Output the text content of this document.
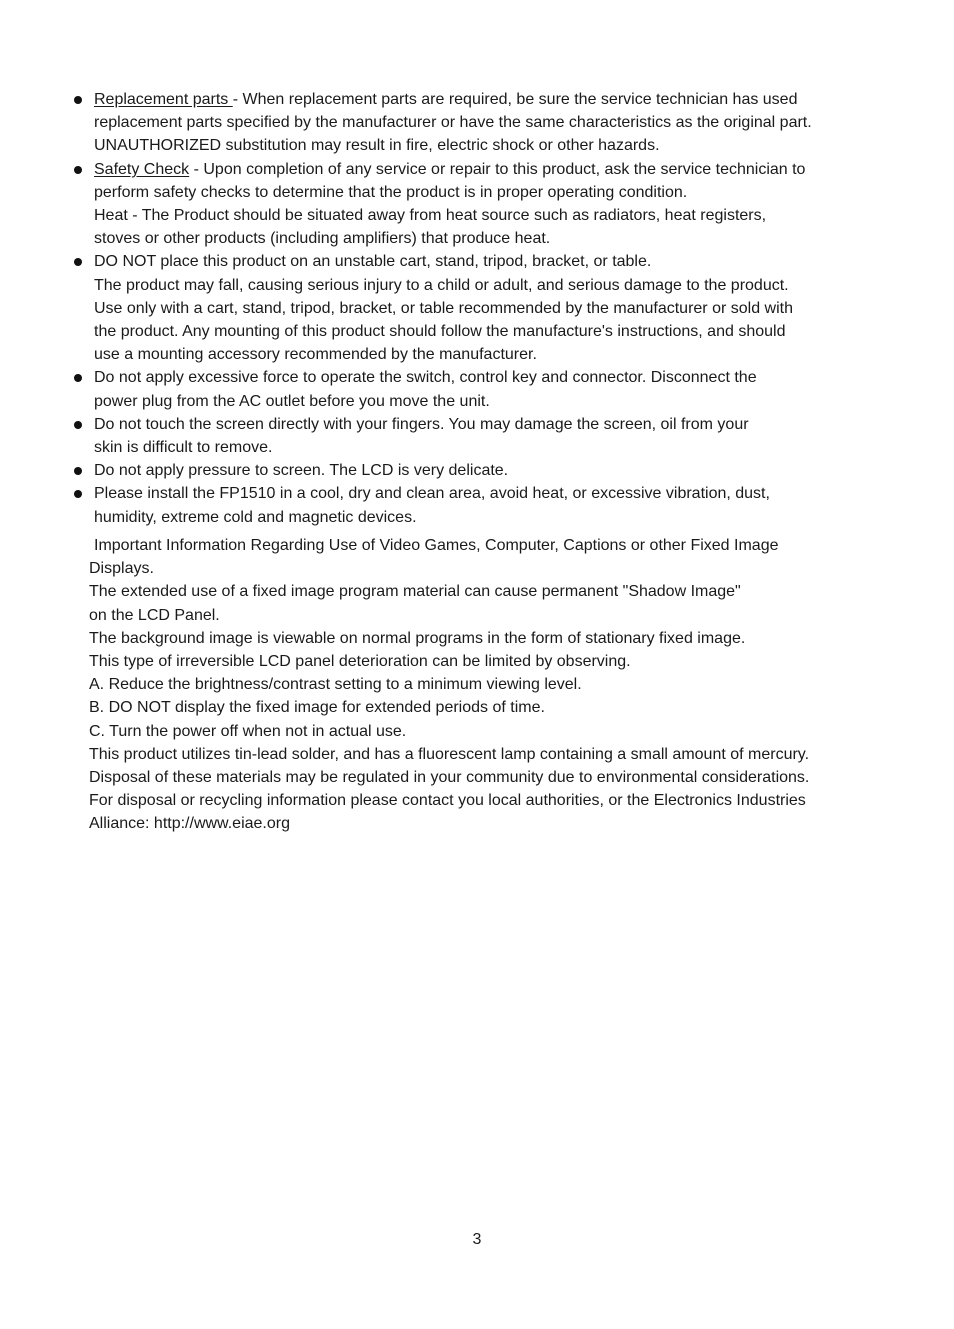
Replacement parts - When replacement parts are required, be sure the service technician has used
replacement parts specified by the manufacturer or have the same characteristics as the original part.
UNAUTHORIZED substitution may result in fire, electric shock or other hazards.
Safety Check - Upon completion of any service or repair to this product, ask the service technician to
perform safety checks to determine that the product is in proper operating condition.
Heat - The Product should be situated away from heat source such as radiators, heat registers,
stoves or other products (including amplifiers) that produce heat.
DO NOT place this product on an unstable cart, stand, tripod, bracket, or table.
The product may fall, causing serious injury to a child or adult, and serious damage to the product.
Use only with a cart, stand, tripod, bracket, or table recommended by the manufacturer or sold with
the product. Any mounting of this product should follow the manufacture's instructions, and should
use a mounting accessory recommended by the manufacturer.
Do not apply excessive force to operate the switch, control key and connector. Disconnect the
power plug from the AC outlet before you move the unit.
Do not touch the screen directly with your fingers. You may damage the screen, oil from your
skin is difficult to remove.
Do not apply pressure to screen. The LCD is very delicate.
Please install the FP1510 in a cool, dry and clean area, avoid heat, or excessive vibration, dust,
humidity, extreme cold and magnetic devices.
Important Information Regarding Use of Video Games, Computer, Captions or other Fixed Image
Displays.
The extended use of a fixed image program material can cause permanent "Shadow Image"
on the LCD Panel.
The background image is viewable on normal programs in the form of stationary fixed image.
This type of irreversible LCD panel deterioration can be limited by observing.
A. Reduce the brightness/contrast setting to a minimum viewing level.
B. DO NOT display the fixed image for extended periods of time.
C. Turn the power off when not in actual use.
This product utilizes tin-lead solder, and has a fluorescent lamp containing a small amount of mercury.
Disposal of these materials may be regulated in your community due to environmental considerations.
For disposal or recycling information please contact you local authorities, or the Electronics Industries
Alliance: http://www.eiae.org
3
